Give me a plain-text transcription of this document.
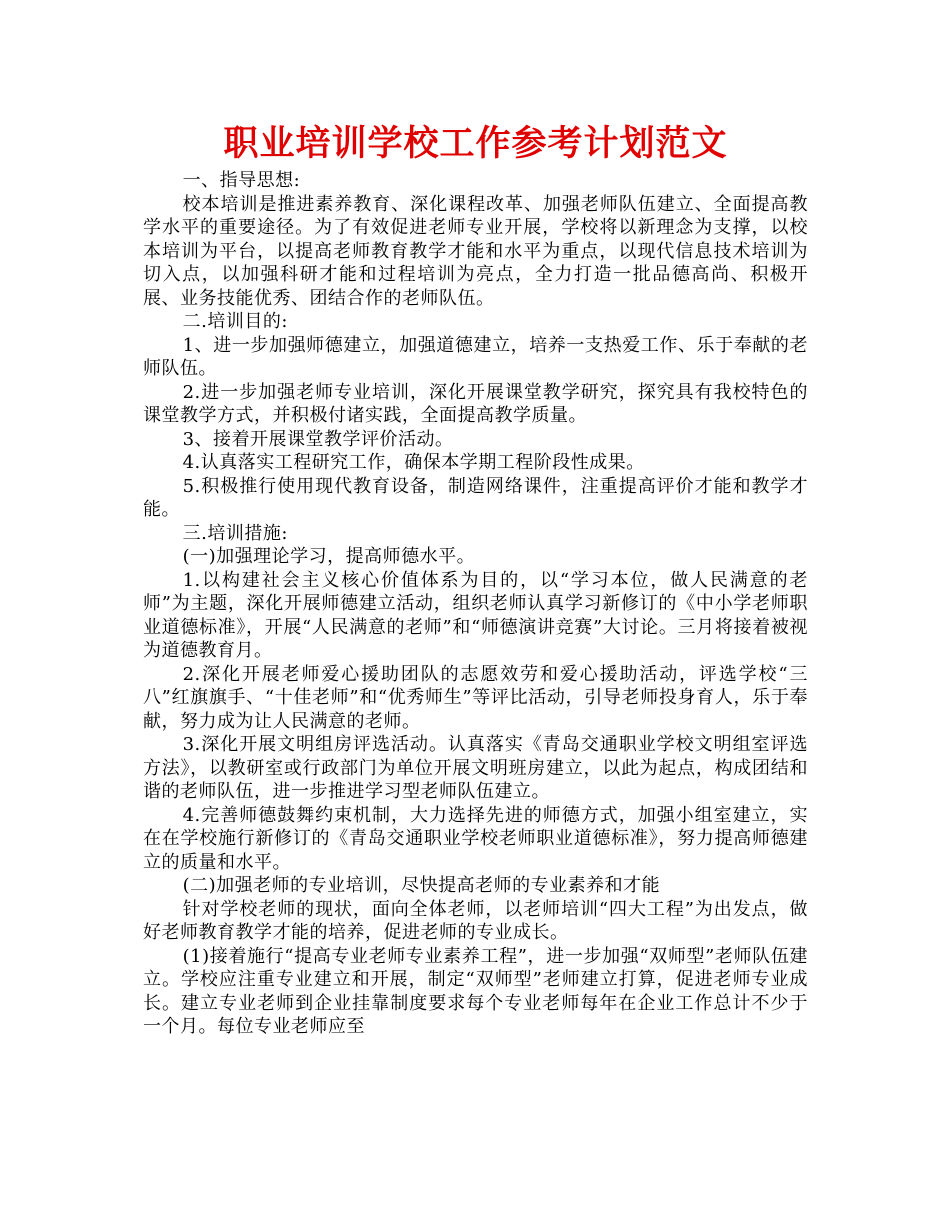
职业培训学校工作参考计划范文

一、指导思想:

校本培训是推进素养教育、深化课程改革、加强老师队伍建立、全面提高教学水平的重要途径。为了有效促进老师专业开展，学校将以新理念为支撑，以校本培训为平台，以提高老师教育教学才能和水平为重点，以现代信息技术培训为切入点，以加强科研才能和过程培训为亮点，全力打造一批品德高尚、积极开展、业务技能优秀、团结合作的老师队伍。

二.培训目的:

1、进一步加强师德建立，加强道德建立，培养一支热爱工作、乐于奉献的老师队伍。

2.进一步加强老师专业培训，深化开展课堂教学研究，探究具有我校特色的课堂教学方式，并积极付诸实践，全面提高教学质量。

3、接着开展课堂教学评价活动。

4.认真落实工程研究工作，确保本学期工程阶段性成果。

5.积极推行使用现代教育设备，制造网络课件，注重提高评价才能和教学才能。

三.培训措施:

(一)加强理论学习，提高师德水平。

1.以构建社会主义核心价值体系为目的，以“学习本位，做人民满意的老师”为主题，深化开展师德建立活动，组织老师认真学习新修订的《中小学老师职业道德标准》，开展“人民满意的老师”和“师德演讲竞赛”大讨论。三月将接着被视为道德教育月。

2.深化开展老师爱心援助团队的志愿效劳和爱心援助活动，评选学校“三八”红旗旗手、“十佳老师”和“优秀师生”等评比活动，引导老师投身育人，乐于奉献，努力成为让人民满意的老师。

3.深化开展文明组房评选活动。认真落实《青岛交通职业学校文明组室评选方法》，以教研室或行政部门为单位开展文明班房建立，以此为起点，构成团结和谐的老师队伍，进一步推进学习型老师队伍建立。

4.完善师德鼓舞约束机制，大力选择先进的师德方式，加强小组室建立，实在在学校施行新修订的《青岛交通职业学校老师职业道德标准》，努力提高师德建立的质量和水平。

(二)加强老师的专业培训，尽快提高老师的专业素养和才能

针对学校老师的现状，面向全体老师，以老师培训“四大工程”为出发点，做好老师教育教学才能的培养，促进老师的专业成长。

(1)接着施行“提高专业老师专业素养工程”，进一步加强“双师型”老师队伍建立。学校应注重专业建立和开展，制定“双师型”老师建立打算，促进老师专业成长。建立专业老师到企业挂靠制度要求每个专业老师每年在企业工作总计不少于一个月。每位专业老师应至
